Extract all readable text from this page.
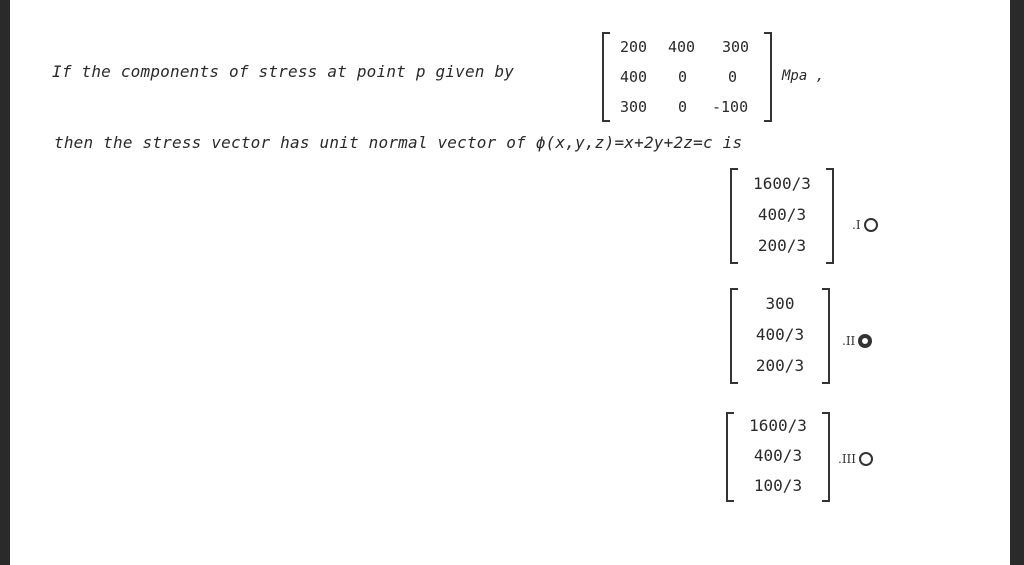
If the components of stress at point p given by
200 400 300
400 0	0
300 0 -100
Mpa ,
then the stress vector has unit normal vector of ϕ(x,y,z)=x+2y+2z=c is
1600/3
400/3
200/3
.I
300
400/3
200/3
.II
1600/3
400/3
100/3
.III
